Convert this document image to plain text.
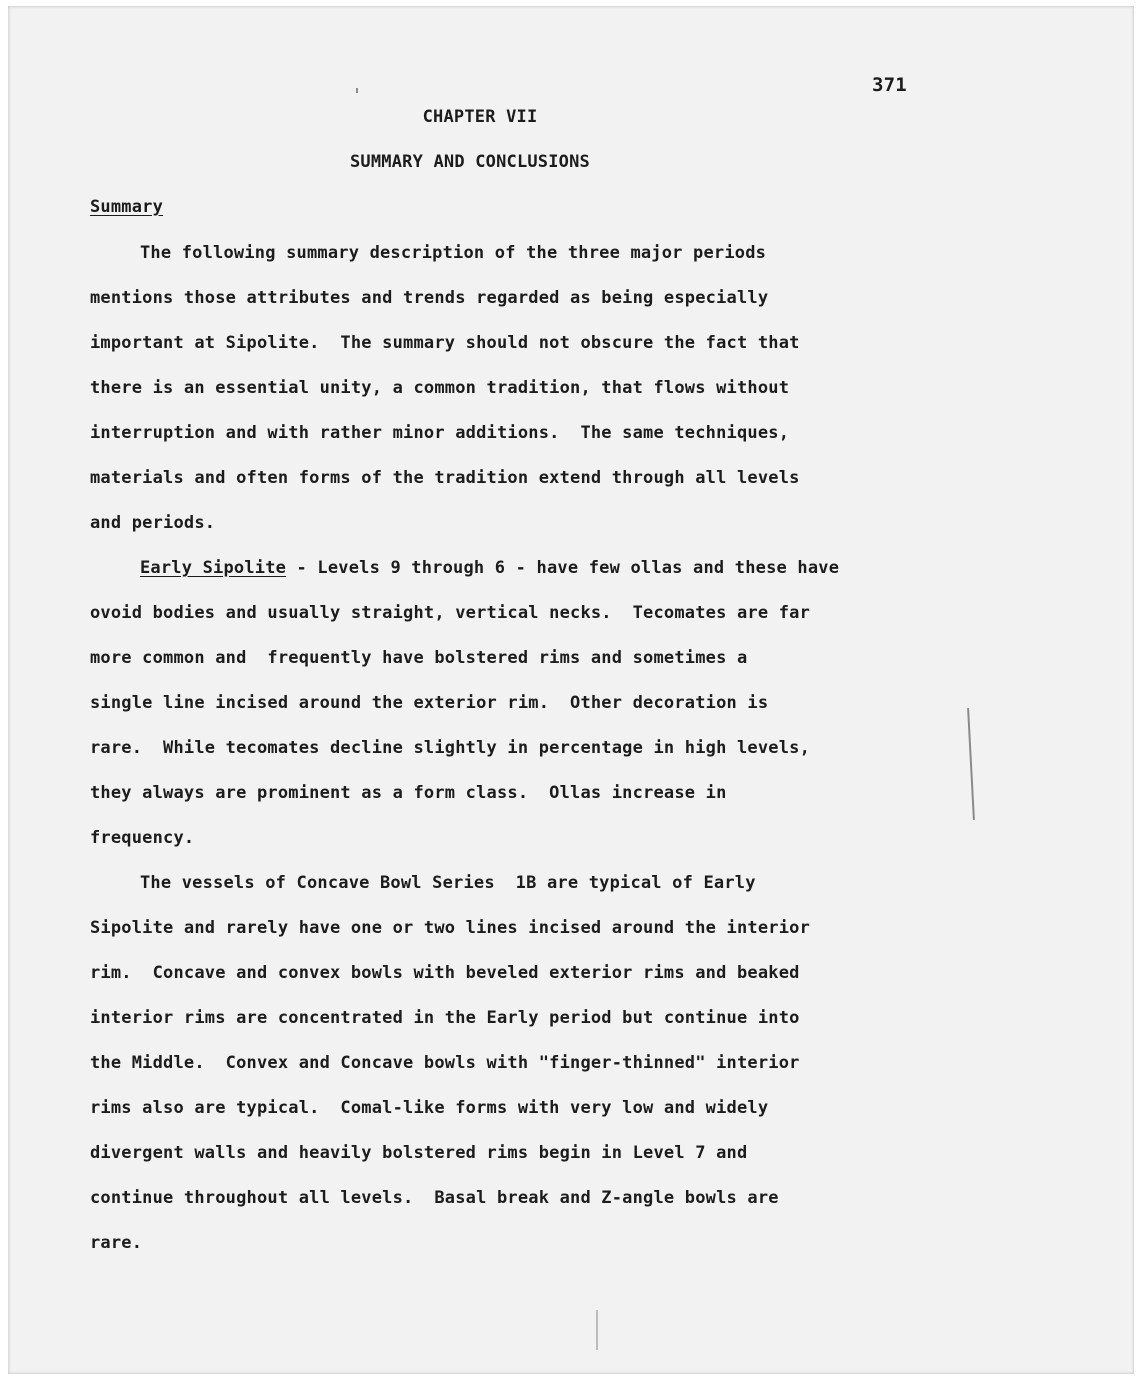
371
CHAPTER VII
SUMMARY AND CONCLUSIONS
Summary
The following summary description of the three major periods
mentions those attributes and trends regarded as being especially
important at Sipolite.  The summary should not obscure the fact that
there is an essential unity, a common tradition, that flows without
interruption and with rather minor additions.  The same techniques,
materials and often forms of the tradition extend through all levels
and periods.
Early Sipolite - Levels 9 through 6 - have few ollas and these have
ovoid bodies and usually straight, vertical necks.  Tecomates are far
more common and  frequently have bolstered rims and sometimes a
single line incised around the exterior rim.  Other decoration is
rare.  While tecomates decline slightly in percentage in high levels,
they always are prominent as a form class.  Ollas increase in
frequency.
The vessels of Concave Bowl Series  1B are typical of Early
Sipolite and rarely have one or two lines incised around the interior
rim.  Concave and convex bowls with beveled exterior rims and beaked
interior rims are concentrated in the Early period but continue into
the Middle.  Convex and Concave bowls with "finger-thinned" interior
rims also are typical.  Comal-like forms with very low and widely
divergent walls and heavily bolstered rims begin in Level 7 and
continue throughout all levels.  Basal break and Z-angle bowls are
rare.
